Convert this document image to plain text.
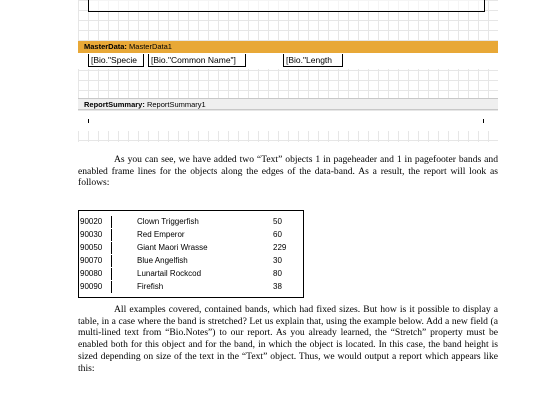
MasterData: MasterData1
[Bio."Specie	[Bio."Common Name"]	[Bio."Length
ReportSummary: ReportSummary1

As you can see, we have added two “Text” objects 1 in pageheader and 1 in pagefooter bands and enabled frame lines for the objects along the edges of the data-band. As a result, the report will look as follows:

90020	Clown Triggerfish	50
90030	Red Emperor	60
90050	Giant Maori Wrasse	229
90070	Blue Angelfish	30
90080	Lunartail Rockcod	80
90090	Firefish	38

All examples covered, contained bands, which had fixed sizes. But how is it possible to display a table, in a case where the band is stretched? Let us explain that, using the example below. Add a new field (a multi-lined text from “Bio.Notes”) to our report. As you already learned, the “Stretch” property must be enabled both for this object and for the band, in which the object is located. In this case, the band height is sized depending on size of the text in the “Text” object. Thus, we would output a report which appears like this:
